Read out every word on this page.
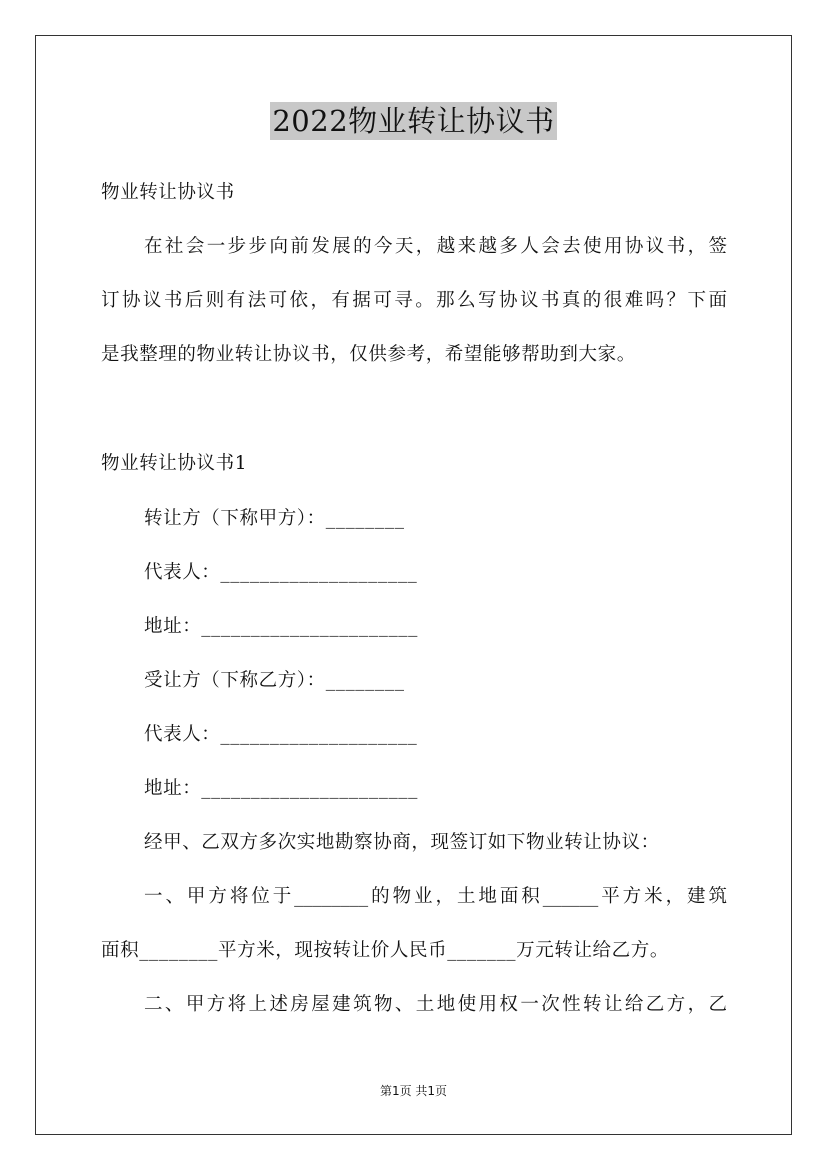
2022物业转让协议书
物业转让协议书
在社会一步步向前发展的今天，越来越多人会去使用协议书，签
订协议书后则有法可依，有据可寻。那么写协议书真的很难吗？下面
是我整理的物业转让协议书，仅供参考，希望能够帮助到大家。
物业转让协议书1
转让方（下称甲方）：________
代表人：____________________
地址：______________________
受让方（下称乙方）：________
代表人：____________________
地址：______________________
经甲、乙双方多次实地勘察协商，现签订如下物业转让协议：
一、甲方将位于________的物业，土地面积______平方米，建筑
面积________平方米，现按转让价人民币_______万元转让给乙方。
二、甲方将上述房屋建筑物、土地使用权一次性转让给乙方，乙
第1页 共1页
